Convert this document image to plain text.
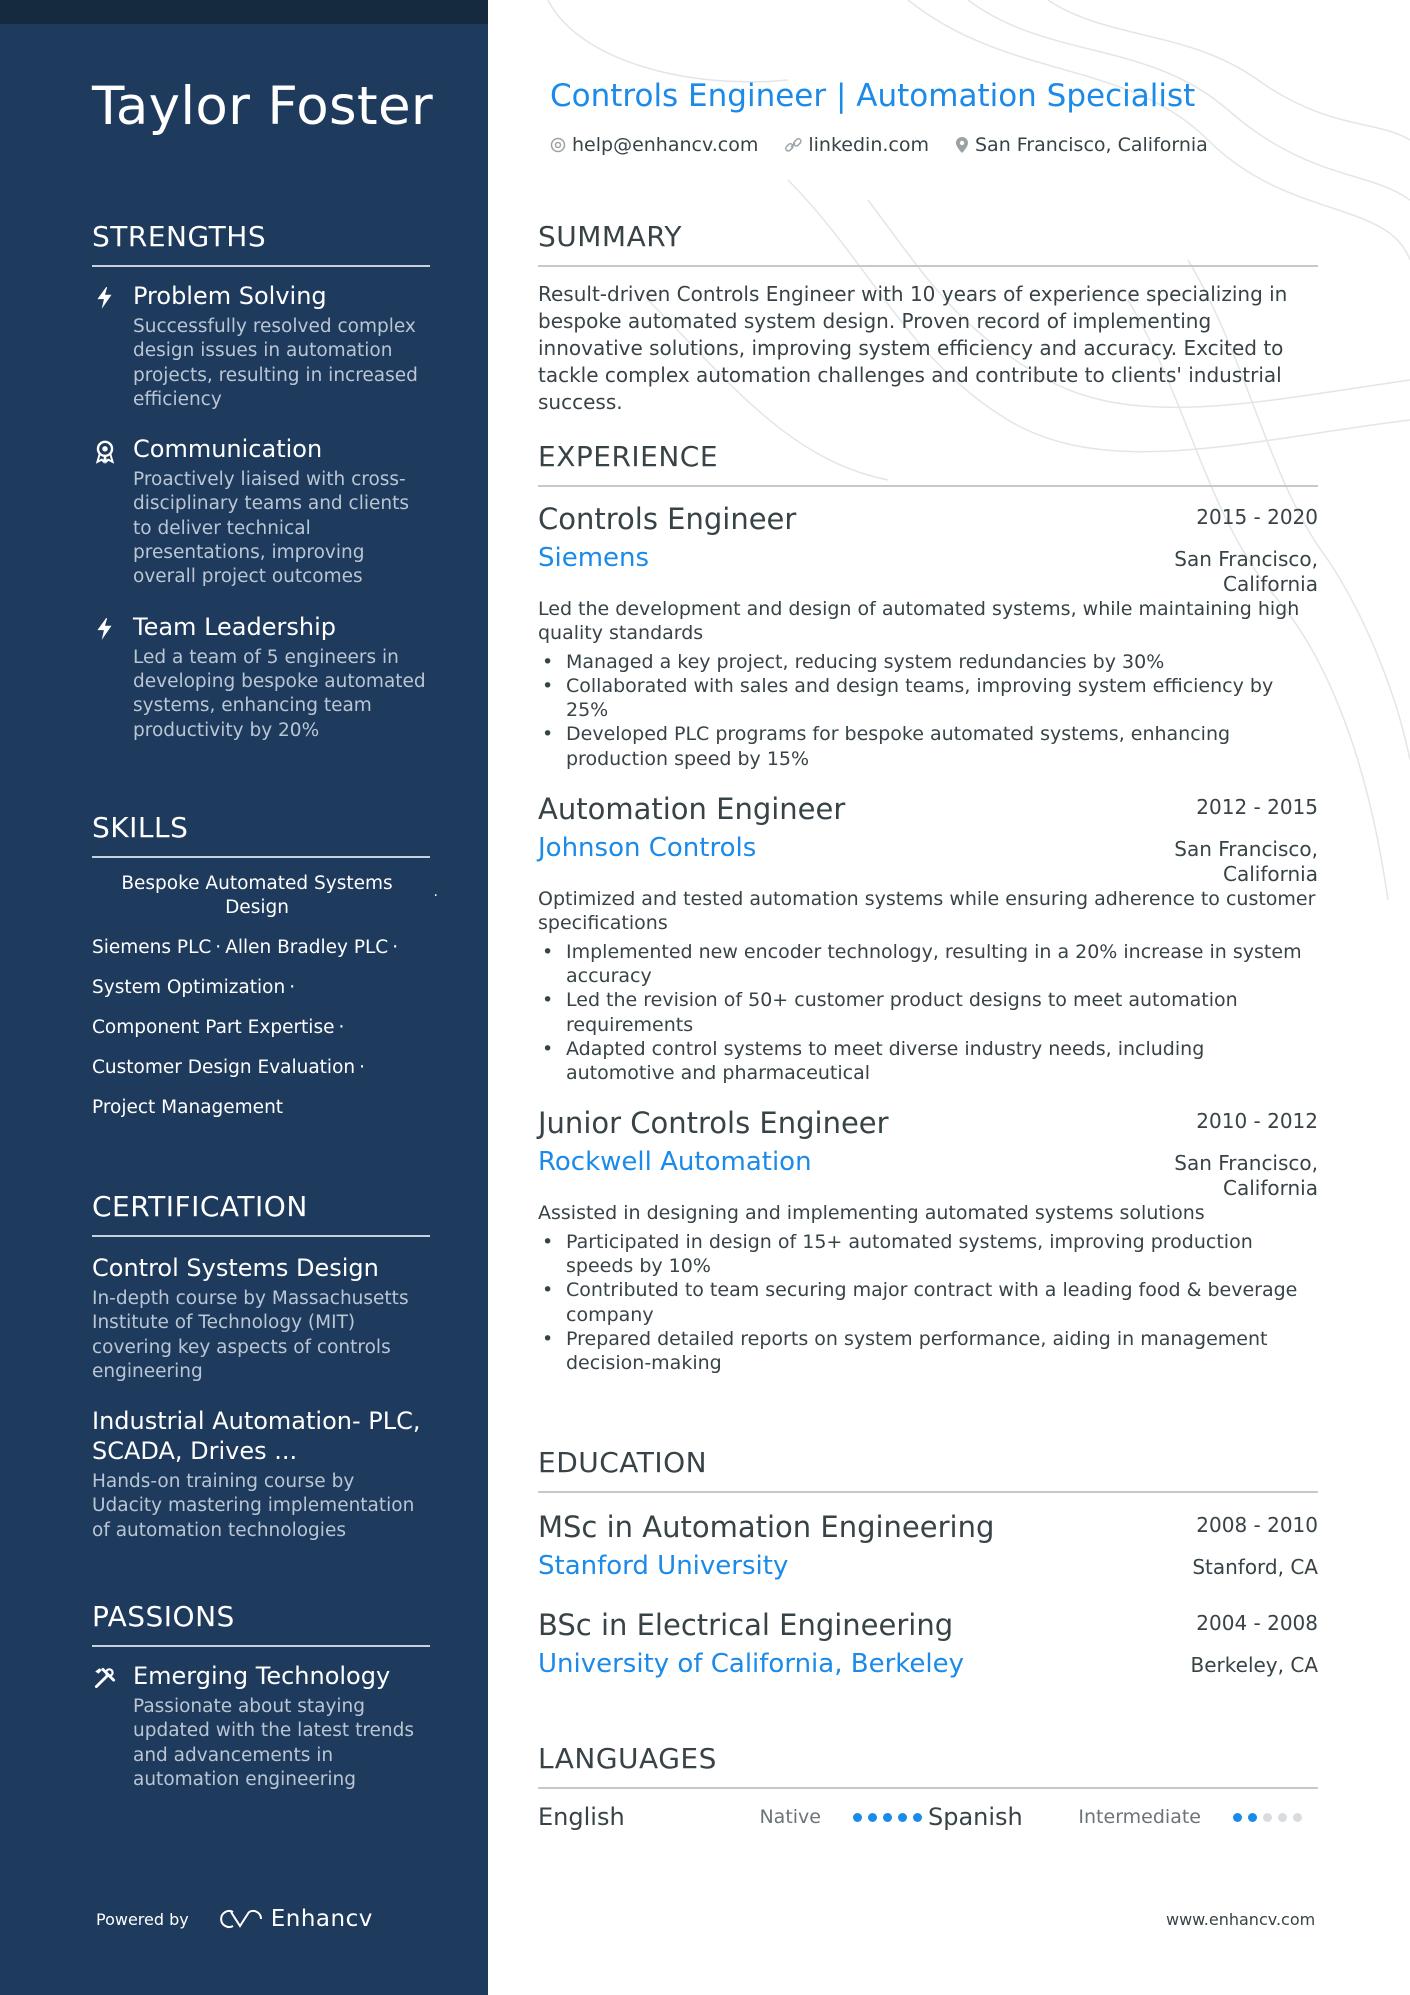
Taylor Foster
STRENGTHS
Problem Solving
Successfully resolved complex design issues in automation projects, resulting in increased efficiency
Communication
Proactively liaised with cross-disciplinary teams and clients to deliver technical presentations, improving overall project outcomes
Team Leadership
Led a team of 5 engineers in developing bespoke automated systems, enhancing team productivity by 20%
SKILLS
Bespoke Automated Systems Design
·
Siemens PLC · Allen Bradley PLC ·
System Optimization ·
Component Part Expertise ·
Customer Design Evaluation ·
Project Management
CERTIFICATION
Control Systems Design
In-depth course by Massachusetts Institute of Technology (MIT) covering key aspects of controls engineering
Industrial Automation- PLC, SCADA, Drives ...
Hands-on training course by Udacity mastering implementation of automation technologies
PASSIONS
Emerging Technology
Passionate about staying updated with the latest trends and advancements in automation engineering
Powered by	Enhancv
Controls Engineer | Automation Specialist
help@enhancv.com	linkedin.com San Francisco, California
SUMMARY

Result-driven Controls Engineer with 10 years of experience specializing in bespoke automated system design. Proven record of implementing innovative solutions, improving system efficiency and accuracy. Excited to tackle complex automation challenges and contribute to clients' industrial success.

EXPERIENCE
Controls Engineer	2015 - 2020
Siemens	San Francisco, California
Led the development and design of automated systems, while maintaining high quality standards
• Managed a key project, reducing system redundancies by 30%
• Collaborated with sales and design teams, improving system efficiency by 25%
• Developed PLC programs for bespoke automated systems, enhancing production speed by 15%
Automation Engineer	2012 - 2015
Johnson Controls	San Francisco, California
Optimized and tested automation systems while ensuring adherence to customer specifications
• Implemented new encoder technology, resulting in a 20% increase in system accuracy
• Led the revision of 50+ customer product designs to meet automation requirements
• Adapted control systems to meet diverse industry needs, including automotive and pharmaceutical
Junior Controls Engineer	2010 - 2012
Rockwell Automation	San Francisco, California
Assisted in designing and implementing automated systems solutions
• Participated in design of 15+ automated systems, improving production speeds by 10%
• Contributed to team securing major contract with a leading food & beverage company
• Prepared detailed reports on system performance, aiding in management decision-making
EDUCATION
MSc in Automation Engineering	2008 - 2010
Stanford University	Stanford, CA
BSc in Electrical Engineering	2004 - 2008
University of California, Berkeley	Berkeley, CA
LANGUAGES
English	Native	Spanish	Intermediate
www.enhancv.com
